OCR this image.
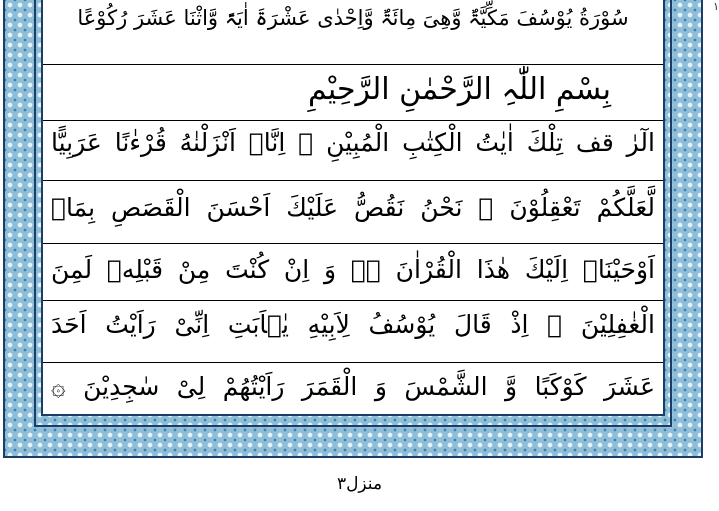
سُوْرَةُ یُوْسُفَ مَکِّیَّۃٌ وَّھِیَ مِائَۃٌ وَّاِحْدٰی عَشْرَۃَ اٰیَۃً وَّاثْنَا عَشَرَ رُکُوْعًا
بِسْمِ اللّٰہِ الرَّحْمٰنِ الرَّحِیْمِ
الٓرٰ قف تِلْكَ اٰیٰتُ الْكِتٰبِ الْمُبِیْنِ ۞ اِنَّاۤ اَنْزَلْنٰهُ قُرْءٰنًا عَرَبِیًّا
لَّعَلَّكُمْ تَعْقِلُوْنَ ۞ نَحْنُ نَقُصُّ عَلَیْكَ اَحْسَنَ الْقَصَصِ بِمَاۤ
اَوْحَیْنَاۤ اِلَیْكَ هٰذَا الْقُرْاٰنَ ۖۗ وَ اِنْ كُنْتَ مِنْ قَبْلِهٖ لَمِنَ
الْغٰفِلِیْنَ ۞ اِذْ قَالَ یُوْسُفُ لِاَبِیْهِ یٰۤاَبَتِ اِنِّیْ رَاَیْتُ اَحَدَ
عَشَرَ كَوْكَبًا وَّ الشَّمْسَ وَ الْقَمَرَ رَاَیْتُهُمْ لِیْ سٰجِدِیْنَ ۞
١
منزل٣
